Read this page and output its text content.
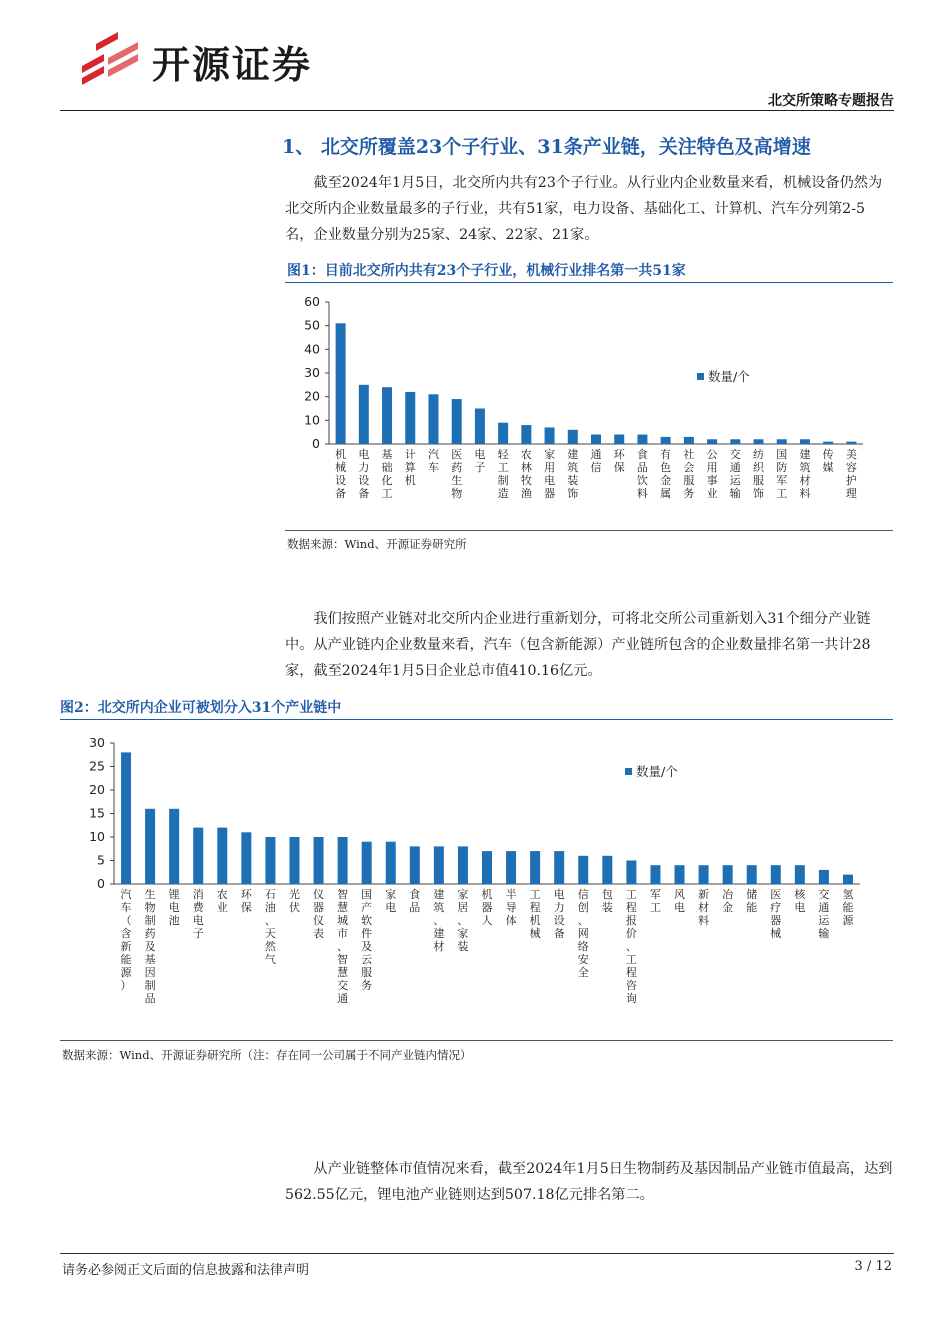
开源证券
北交所策略专题报告
1、 北交所覆盖23个子行业、31条产业链，关注特色及高增速

截至2024年1月5日，北交所内共有23个子行业。从行业内企业数量来看，机械设备仍然为北交所内企业数量最多的子行业，共有51家，电力设备、基础化工、计算机、汽车分列第2-5名，企业数量分别为25家、24家、22家、21家。

图1：目前北交所内共有23个子行业，机械行业排名第一共51家
0
10
20
30
40
50
60
机械设备
电力设备
基础化工
计算机
汽车
医药生物
电子
轻工制造
农林牧渔
家用电器
建筑装饰
通信
环保
食品饮料
有色金属
社会服务
公用事业
交通运输
纺织服饰
国防军工
建筑材料
传媒
美容护理
数量/个
数据来源：Wind、开源证券研究所

我们按照产业链对北交所内企业进行重新划分，可将北交所公司重新划入31个细分产业链中。从产业链内企业数量来看，汽车（包含新能源）产业链所包含的企业数量排名第一共计28家，截至2024年1月5日企业总市值410.16亿元。

图2：北交所内企业可被划分入31个产业链中
0
5
10
15
20
25
30
汽车（含新能源）
生物制药及基因制品
锂电池
消费电子
农业
环保
石油、天然气
光伏
仪器仪表
智慧城市、智慧交通
国产软件及云服务
家电
食品
建筑、建材
家居、家装
机器人
半导体
工程机械
电力设备
信创、网络安全
包装
工程报价、工程咨询
军工
风电
新材料
冶金
储能
医疗器械
核电
交通运输
氢能源
数量/个
数据来源：Wind、开源证券研究所（注：存在同一公司属于不同产业链内情况）

从产业链整体市值情况来看，截至2024年1月5日生物制药及基因制品产业链市值最高，达到562.55亿元，锂电池产业链则达到507.18亿元排名第二。

请务必参阅正文后面的信息披露和法律声明	3 / 12
